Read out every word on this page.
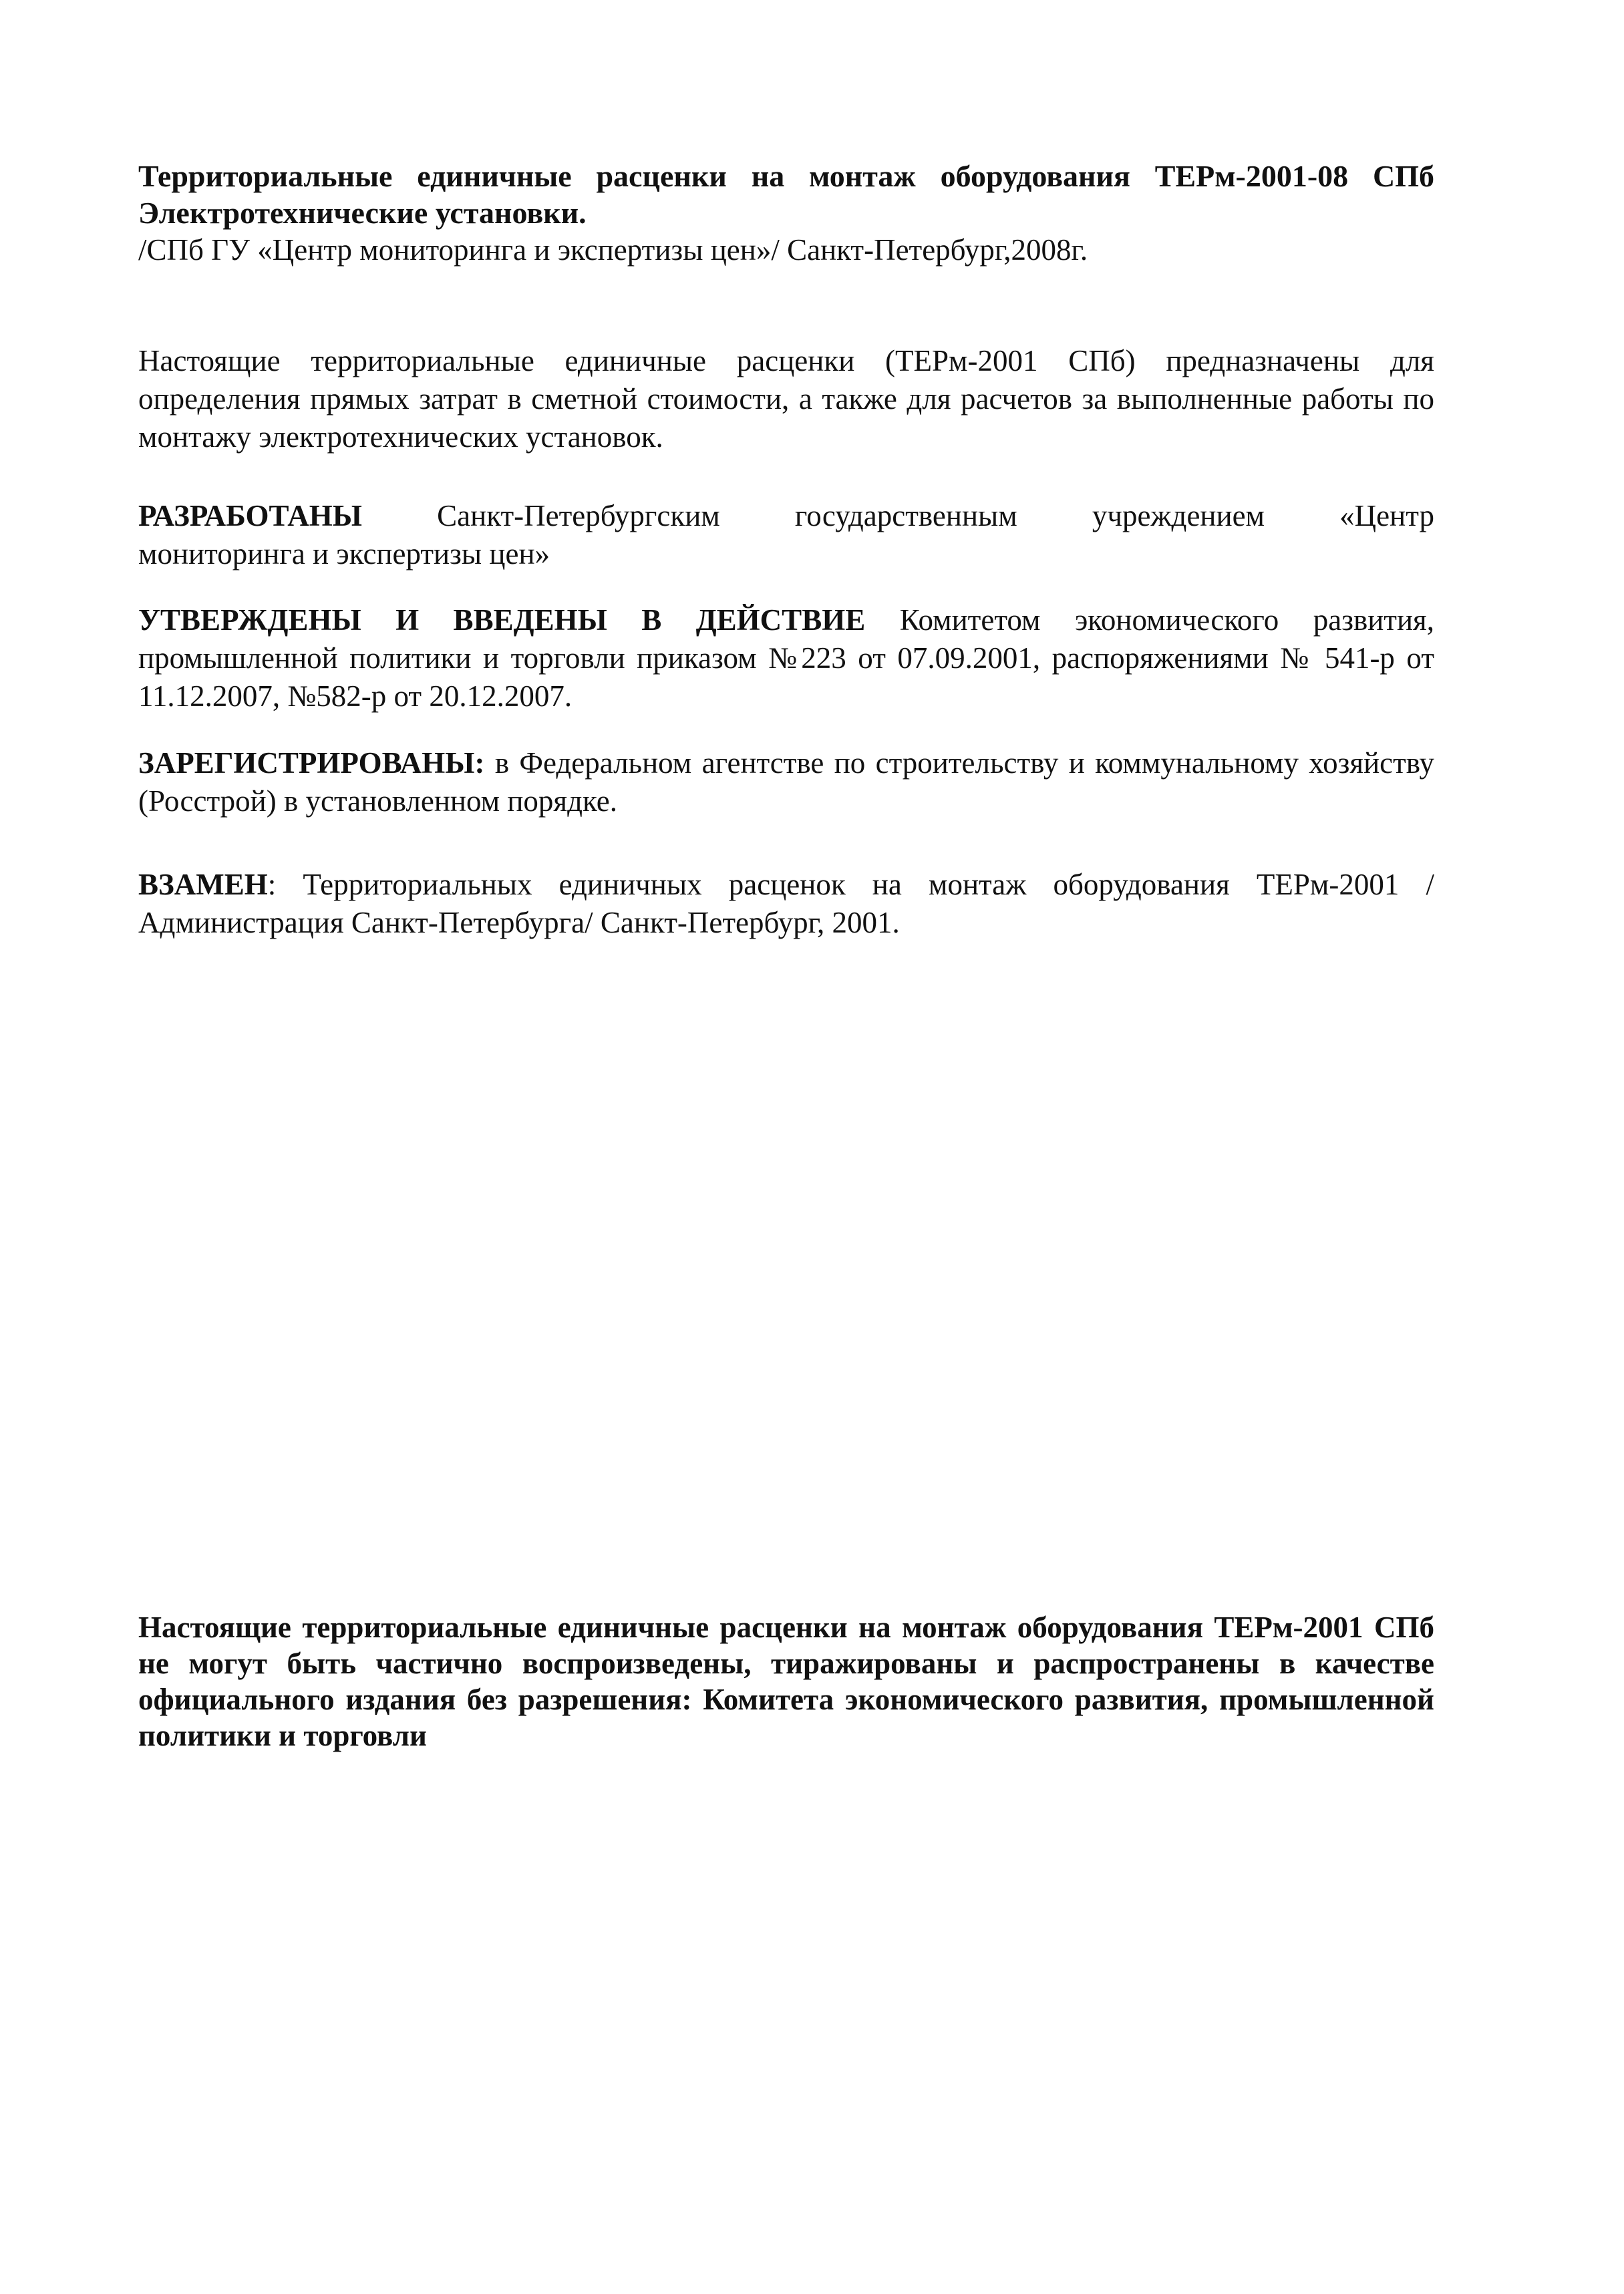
Территориальные единичные расценки на монтаж оборудования ТЕРм-2001-08 СПб
Электротехнические установки.
/СПб ГУ «Центр мониторинга и экспертизы цен»/ Санкт-Петербург,2008г.
Настоящие территориальные единичные расценки (ТЕРм-2001 СПб) предназначены для определения прямых затрат в сметной стоимости, а также для расчетов за выполненные работы по монтажу электротехнических установок.
РАЗРАБОТАНЫ Санкт-Петербургским государственным учреждением «Центр
мониторинга и экспертизы цен»
УТВЕРЖДЕНЫ И ВВЕДЕНЫ В ДЕЙСТВИЕ Комитетом экономического развития, промышленной политики и торговли приказом №223 от 07.09.2001, распоряжениями № 541-р от 11.12.2007, №582-р от 20.12.2007.
ЗАРЕГИСТРИРОВАНЫ: в Федеральном агентстве по строительству и коммунальному хозяйству (Росстрой) в установленном порядке.
ВЗАМЕН: Территориальных единичных расценок на монтаж оборудования ТЕРм-2001 /Администрация Санкт-Петербурга/ Санкт-Петербург, 2001.
Настоящие территориальные единичные расценки на монтаж оборудования ТЕРм-2001 СПб не могут быть частично воспроизведены, тиражированы и распространены в качестве официального издания без разрешения: Комитета экономического развития, промышленной политики и торговли
